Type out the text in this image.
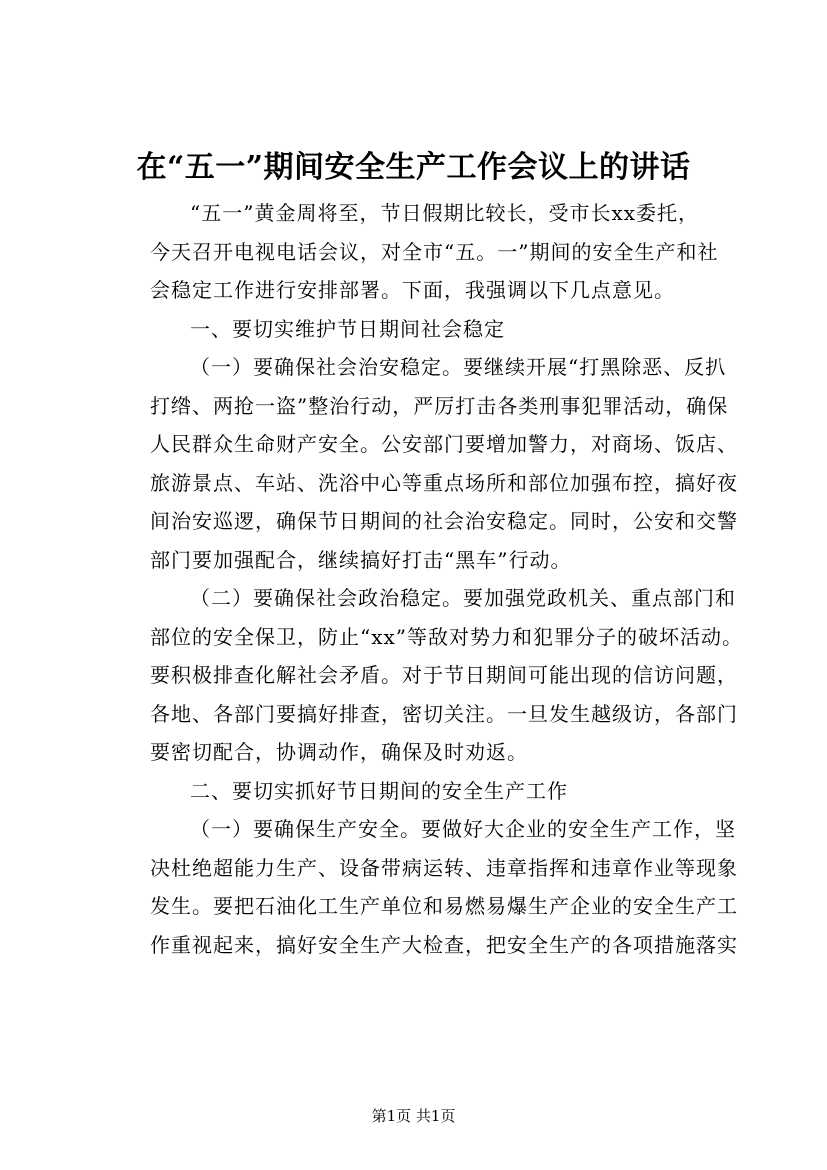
在“五一”期间安全生产工作会议上的讲话

“五一”黄金周将至，节日假期比较长，受市长xx委托，
今天召开电视电话会议，对全市“五。一”期间的安全生产和社
会稳定工作进行安排部署。下面，我强调以下几点意见。

一、要切实维护节日期间社会稳定

（一）要确保社会治安稳定。要继续开展“打黑除恶、反扒
打绺、两抢一盗”整治行动，严厉打击各类刑事犯罪活动，确保
人民群众生命财产安全。公安部门要增加警力，对商场、饭店、
旅游景点、车站、洗浴中心等重点场所和部位加强布控，搞好夜
间治安巡逻，确保节日期间的社会治安稳定。同时，公安和交警
部门要加强配合，继续搞好打击“黑车”行动。

（二）要确保社会政治稳定。要加强党政机关、重点部门和
部位的安全保卫，防止“xx”等敌对势力和犯罪分子的破坏活动。
要积极排查化解社会矛盾。对于节日期间可能出现的信访问题，
各地、各部门要搞好排查，密切关注。一旦发生越级访，各部门
要密切配合，协调动作，确保及时劝返。

二、要切实抓好节日期间的安全生产工作

（一）要确保生产安全。要做好大企业的安全生产工作，坚
决杜绝超能力生产、设备带病运转、违章指挥和违章作业等现象
发生。要把石油化工生产单位和易燃易爆生产企业的安全生产工
作重视起来，搞好安全生产大检查，把安全生产的各项措施落实

第1页 共1页
